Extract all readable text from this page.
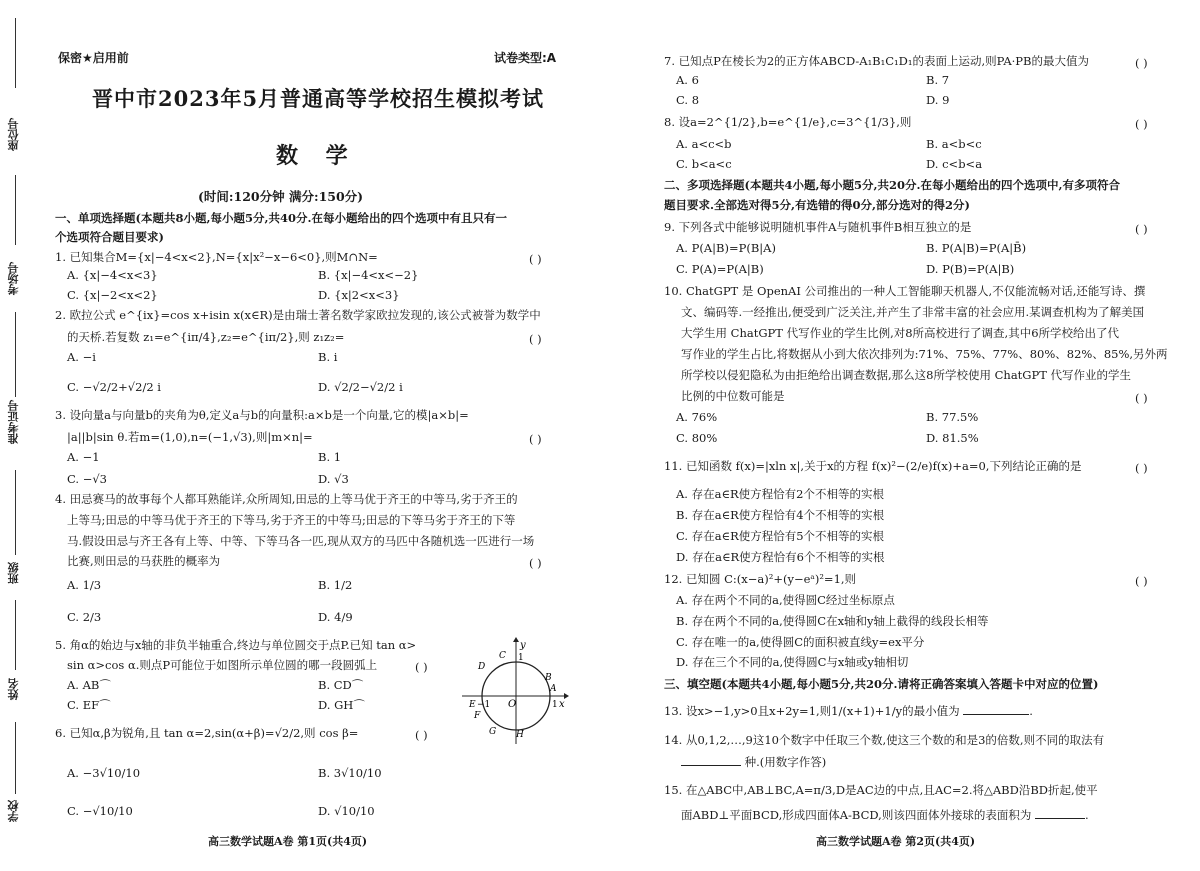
座位号
考场号
准考证号
班级
姓名
学校
保密★启用前	试卷类型:A
晋中市2023年5月普通高等学校招生模拟考试
数 学
(时间:120分钟 满分:150分)
一、单项选择题(本题共8小题,每小题5分,共40分.在每小题给出的四个选项中有且只有一
个选项符合题目要求)
1. 已知集合M={x|−4<x<2},N={x|x²−x−6<0},则M∩N=	( )
A. {x|−4<x<3}	B. {x|−4<x<−2}
C. {x|−2<x<2}	D. {x|2<x<3}
2. 欧拉公式 e^{ix}=cos x+isin x(x∈R)是由瑞士著名数学家欧拉发现的,该公式被誉为数学中
的天桥.若复数 z₁=e^{iπ/4},z₂=e^{iπ/2},则 z₁z₂=	( )
A. −i	B. i
C. −√2/2+√2/2 i	D. √2/2−√2/2 i
3. 设向量a与向量b的夹角为θ,定义a与b的向量积:a×b是一个向量,它的模|a×b|=
|a||b|sin θ.若m=(1,0),n=(−1,√3),则|m×n|=	( )
A. −1	B. 1
C. −√3	D. √3
4. 田忌赛马的故事每个人都耳熟能详,众所周知,田忌的上等马优于齐王的中等马,劣于齐王的
上等马;田忌的中等马优于齐王的下等马,劣于齐王的中等马;田忌的下等马劣于齐王的下等
马.假设田忌与齐王各有上等、中等、下等马各一匹,现从双方的马匹中各随机选一匹进行一场
比赛,则田忌的马获胜的概率为	( )
A. 1/3	B. 1/2
C. 2/3	D. 4/9
5. 角α的始边与x轴的非负半轴重合,终边与单位圆交于点P.已知 tan α>
sin α>cos α.则点P可能位于如图所示单位圆的哪一段圆弧上	( )
A. AB⌒	B. CD⌒
C. EF⌒	D. GH⌒
y
x
O	1
−1
1
A
B
C
D
E
F
G H
6. 已知α,β为锐角,且 tan α=2,sin(α+β)=√2/2,则 cos β=	( )
A. −3√10/10	B. 3√10/10
C. −√10/10	D. √10/10
高三数学试题A卷 第1页(共4页)
7. 已知点P在棱长为2的正方体ABCD-A₁B₁C₁D₁的表面上运动,则PA·PB的最大值为	( )
A. 6	B. 7
C. 8	D. 9
8. 设a=2^{1/2},b=e^{1/e},c=3^{1/3},则	( )
A. a<c<b	B. a<b<c
C. b<a<c	D. c<b<a
二、多项选择题(本题共4小题,每小题5分,共20分.在每小题给出的四个选项中,有多项符合
题目要求.全部选对得5分,有选错的得0分,部分选对的得2分)
9. 下列各式中能够说明随机事件A与随机事件B相互独立的是	( )
A. P(A|B)=P(B|A)	B. P(A|B)=P(A|B̄)
C. P(A)=P(A|B)	D. P(B)=P(A|B)
10. ChatGPT 是 OpenAI 公司推出的一种人工智能聊天机器人,不仅能流畅对话,还能写诗、撰
文、编码等.一经推出,便受到广泛关注,并产生了非常丰富的社会应用.某调查机构为了解美国
大学生用 ChatGPT 代写作业的学生比例,对8所高校进行了调查,其中6所学校给出了代
写作业的学生占比,将数据从小到大依次排列为:71%、75%、77%、80%、82%、85%,另外两
所学校以侵犯隐私为由拒绝给出调查数据,那么这8所学校使用 ChatGPT 代写作业的学生
比例的中位数可能是	( )
A. 76%	B. 77.5%
C. 80%	D. 81.5%
11. 已知函数 f(x)=|xln x|,关于x的方程 f(x)²−(2/e)f(x)+a=0,下列结论正确的是	( )
A. 存在a∈R使方程恰有2个不相等的实根
B. 存在a∈R使方程恰有4个不相等的实根
C. 存在a∈R使方程恰有5个不相等的实根
D. 存在a∈R使方程恰有6个不相等的实根
12. 已知圆 C:(x−a)²+(y−eᵃ)²=1,则	( )
A. 存在两个不同的a,使得圆C经过坐标原点
B. 存在两个不同的a,使得圆C在x轴和y轴上截得的线段长相等
C. 存在唯一的a,使得圆C的面积被直线y=ex平分
D. 存在三个不同的a,使得圆C与x轴或y轴相切
三、填空题(本题共4小题,每小题5分,共20分.请将正确答案填入答题卡中对应的位置)
13. 设x>−1,y>0且x+2y=1,则1/(x+1)+1/y的最小值为	.
14. 从0,1,2,…,9这10个数字中任取三个数,使这三个数的和是3的倍数,则不同的取法有
种.(用数字作答)
15. 在△ABC中,AB⊥BC,A=π/3,D是AC边的中点,且AC=2.将△ABD沿BD折起,使平
面ABD⊥平面BCD,形成四面体A-BCD,则该四面体外接球的表面积为	.
高三数学试题A卷 第2页(共4页)
